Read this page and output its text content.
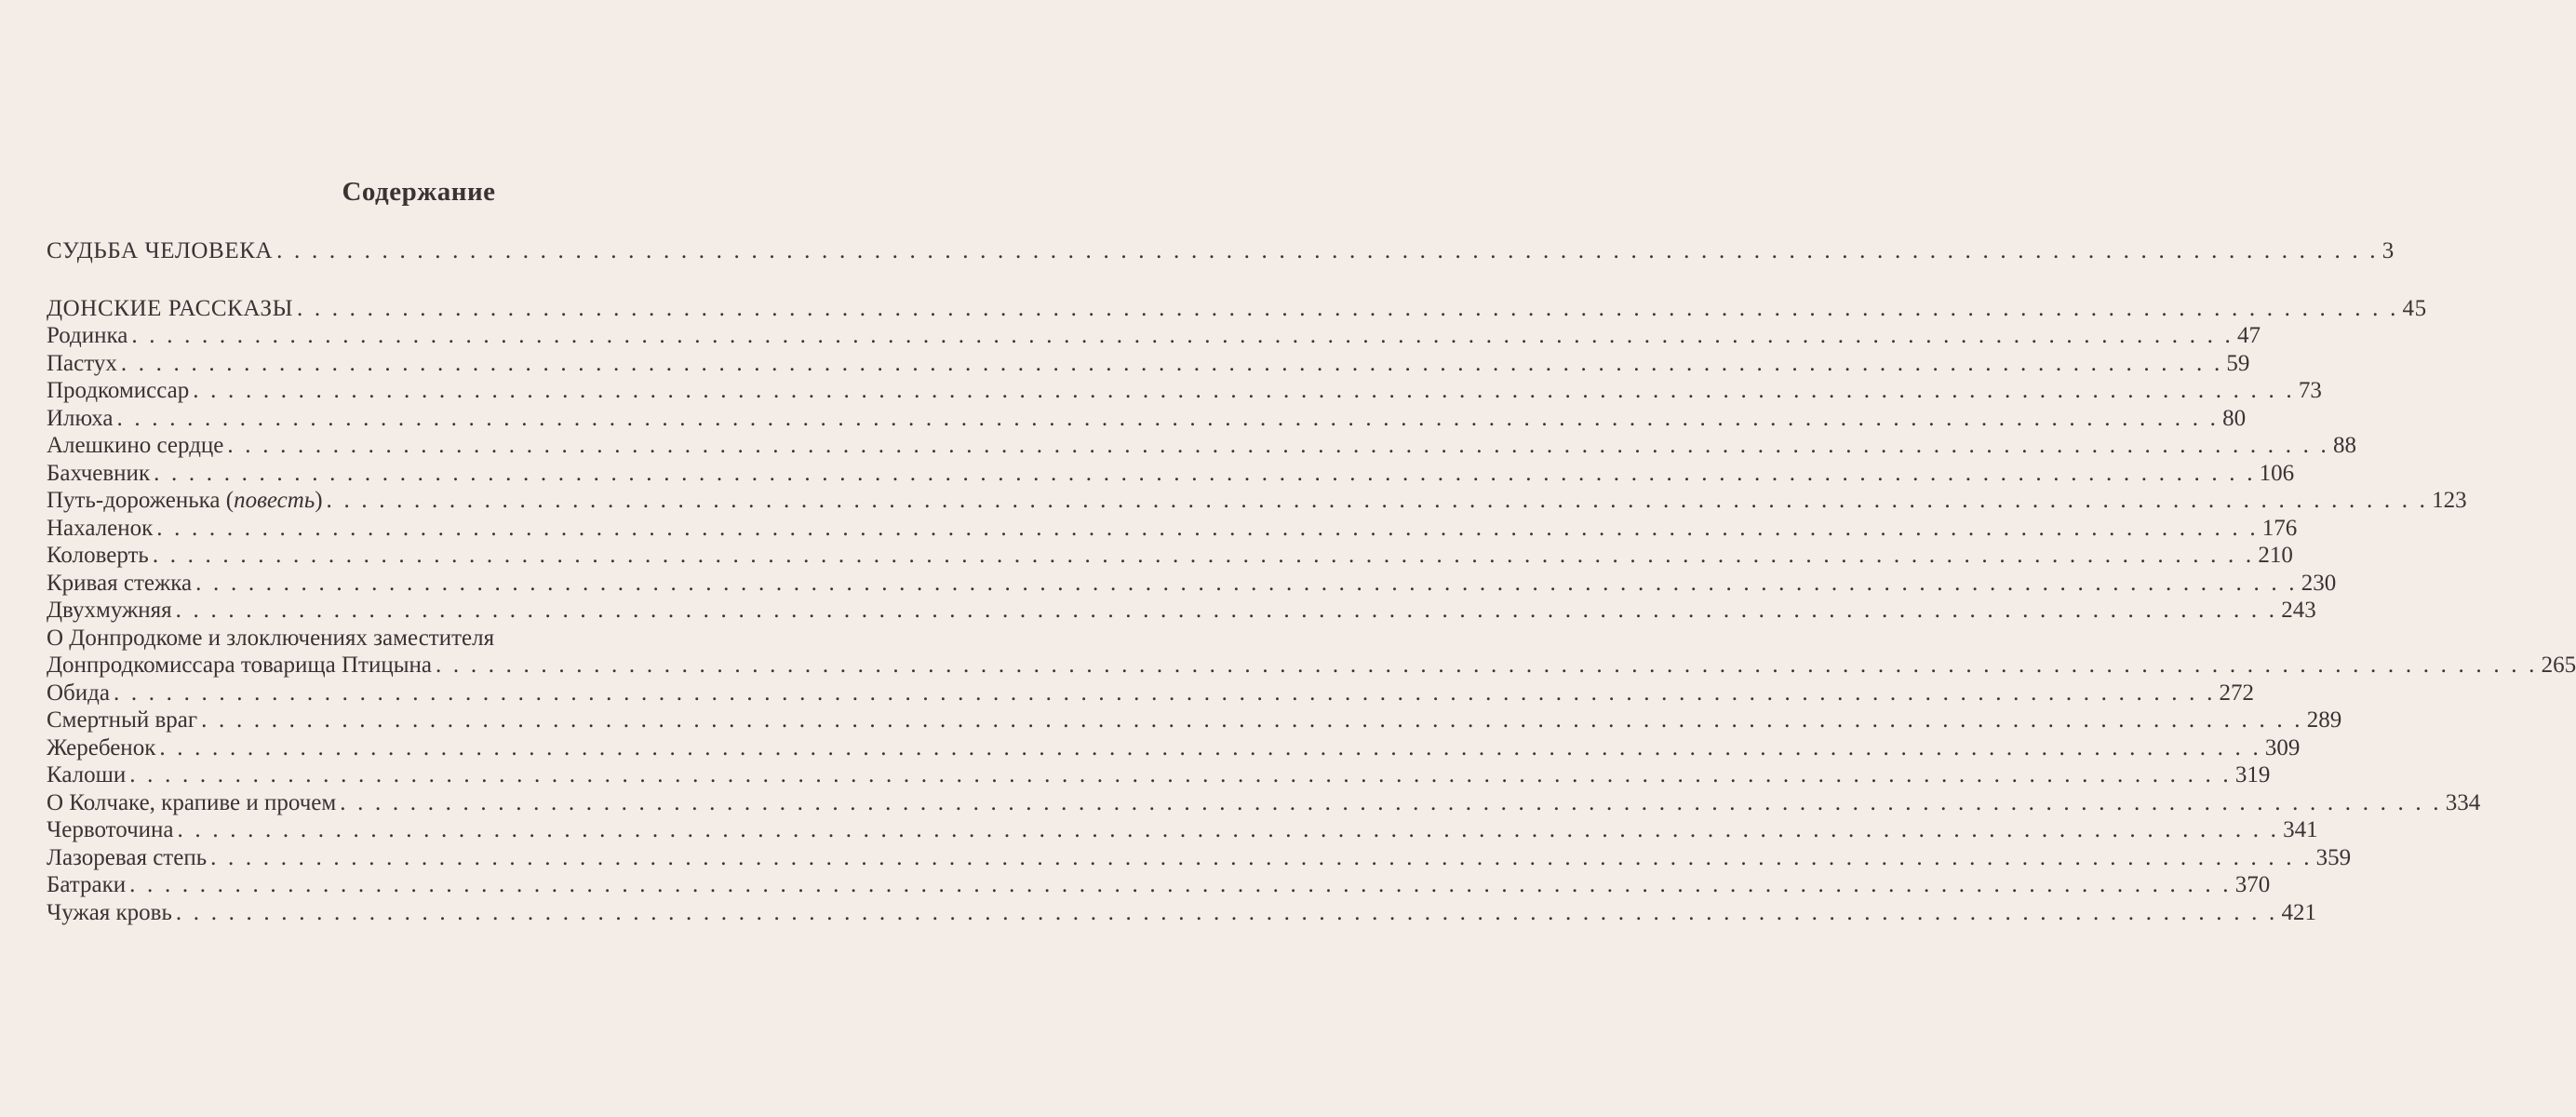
Содержание
СУДЬБА ЧЕЛОВЕКА . . . . . . . . . . . . . . . . . . . . . . . . . . . . . . . . . . . . . . . . . . . . . . . . . . . . . . . . . . . . . . . . . . . . . . . . . . . . . . . . . . . . . . . . . . . . . . . . . . . . . . . . . . . . . . . . . . . . . . . . 3
ДОНСКИЕ РАССКАЗЫ . . . . . . . . . . . . . . . . . . . . . . . . . . . . . . . . . . . . . . . . . . . . . . . . . . . . . . . . . . . . . . . . . . . . . . . . . . . . . . . . . . . . . . . . . . . . . . . . . . . . . . . . . . . . . . . . . . . . . . . . 45
Родинка . . . . . . . . . . . . . . . . . . . . . . . . . . . . . . . . . . . . . . . . . . . . . . . . . . . . . . . . . . . . . . . . . . . . . . . . . . . . . . . . . . . . . . . . . . . . . . . . . . . . . . . . . . . . . . . . . . . . . . . . 47
Пастух . . . . . . . . . . . . . . . . . . . . . . . . . . . . . . . . . . . . . . . . . . . . . . . . . . . . . . . . . . . . . . . . . . . . . . . . . . . . . . . . . . . . . . . . . . . . . . . . . . . . . . . . . . . . . . . . . . . . . . . . 59
Продкомиссар . . . . . . . . . . . . . . . . . . . . . . . . . . . . . . . . . . . . . . . . . . . . . . . . . . . . . . . . . . . . . . . . . . . . . . . . . . . . . . . . . . . . . . . . . . . . . . . . . . . . . . . . . . . . . . . . . . . . . . . . 73
Илюха . . . . . . . . . . . . . . . . . . . . . . . . . . . . . . . . . . . . . . . . . . . . . . . . . . . . . . . . . . . . . . . . . . . . . . . . . . . . . . . . . . . . . . . . . . . . . . . . . . . . . . . . . . . . . . . . . . . . . . . . 80
Алешкино сердце . . . . . . . . . . . . . . . . . . . . . . . . . . . . . . . . . . . . . . . . . . . . . . . . . . . . . . . . . . . . . . . . . . . . . . . . . . . . . . . . . . . . . . . . . . . . . . . . . . . . . . . . . . . . . . . . . . . . . . . . 88
Бахчевник . . . . . . . . . . . . . . . . . . . . . . . . . . . . . . . . . . . . . . . . . . . . . . . . . . . . . . . . . . . . . . . . . . . . . . . . . . . . . . . . . . . . . . . . . . . . . . . . . . . . . . . . . . . . . . . . . . . . . . . . 106
Путь-дороженька (повесть) . . . . . . . . . . . . . . . . . . . . . . . . . . . . . . . . . . . . . . . . . . . . . . . . . . . . . . . . . . . . . . . . . . . . . . . . . . . . . . . . . . . . . . . . . . . . . . . . . . . . . . . . . . . . . . . . . . . . . . . . 123
Нахаленок . . . . . . . . . . . . . . . . . . . . . . . . . . . . . . . . . . . . . . . . . . . . . . . . . . . . . . . . . . . . . . . . . . . . . . . . . . . . . . . . . . . . . . . . . . . . . . . . . . . . . . . . . . . . . . . . . . . . . . . . 176
Коловерть . . . . . . . . . . . . . . . . . . . . . . . . . . . . . . . . . . . . . . . . . . . . . . . . . . . . . . . . . . . . . . . . . . . . . . . . . . . . . . . . . . . . . . . . . . . . . . . . . . . . . . . . . . . . . . . . . . . . . . . . 210
Кривая стежка . . . . . . . . . . . . . . . . . . . . . . . . . . . . . . . . . . . . . . . . . . . . . . . . . . . . . . . . . . . . . . . . . . . . . . . . . . . . . . . . . . . . . . . . . . . . . . . . . . . . . . . . . . . . . . . . . . . . . . . . 230
Двухмужняя . . . . . . . . . . . . . . . . . . . . . . . . . . . . . . . . . . . . . . . . . . . . . . . . . . . . . . . . . . . . . . . . . . . . . . . . . . . . . . . . . . . . . . . . . . . . . . . . . . . . . . . . . . . . . . . . . . . . . . . . 243
О Донпродкоме и злоключениях заместителя
Донпродкомиссара товарища Птицына . . . . . . . . . . . . . . . . . . . . . . . . . . . . . . . . . . . . . . . . . . . . . . . . . . . . . . . . . . . . . . . . . . . . . . . . . . . . . . . . . . . . . . . . . . . . . . . . . . . . . . . . . . . . . . . . . . . . . . . . 265
Обида . . . . . . . . . . . . . . . . . . . . . . . . . . . . . . . . . . . . . . . . . . . . . . . . . . . . . . . . . . . . . . . . . . . . . . . . . . . . . . . . . . . . . . . . . . . . . . . . . . . . . . . . . . . . . . . . . . . . . . . . 272
Смертный враг . . . . . . . . . . . . . . . . . . . . . . . . . . . . . . . . . . . . . . . . . . . . . . . . . . . . . . . . . . . . . . . . . . . . . . . . . . . . . . . . . . . . . . . . . . . . . . . . . . . . . . . . . . . . . . . . . . . . . . . . 289
Жеребенок . . . . . . . . . . . . . . . . . . . . . . . . . . . . . . . . . . . . . . . . . . . . . . . . . . . . . . . . . . . . . . . . . . . . . . . . . . . . . . . . . . . . . . . . . . . . . . . . . . . . . . . . . . . . . . . . . . . . . . . . 309
Калоши . . . . . . . . . . . . . . . . . . . . . . . . . . . . . . . . . . . . . . . . . . . . . . . . . . . . . . . . . . . . . . . . . . . . . . . . . . . . . . . . . . . . . . . . . . . . . . . . . . . . . . . . . . . . . . . . . . . . . . . . 319
О Колчаке, крапиве и прочем . . . . . . . . . . . . . . . . . . . . . . . . . . . . . . . . . . . . . . . . . . . . . . . . . . . . . . . . . . . . . . . . . . . . . . . . . . . . . . . . . . . . . . . . . . . . . . . . . . . . . . . . . . . . . . . . . . . . . . . . 334
Червоточина . . . . . . . . . . . . . . . . . . . . . . . . . . . . . . . . . . . . . . . . . . . . . . . . . . . . . . . . . . . . . . . . . . . . . . . . . . . . . . . . . . . . . . . . . . . . . . . . . . . . . . . . . . . . . . . . . . . . . . . . 341
Лазоревая степь . . . . . . . . . . . . . . . . . . . . . . . . . . . . . . . . . . . . . . . . . . . . . . . . . . . . . . . . . . . . . . . . . . . . . . . . . . . . . . . . . . . . . . . . . . . . . . . . . . . . . . . . . . . . . . . . . . . . . . . . 359
Батраки . . . . . . . . . . . . . . . . . . . . . . . . . . . . . . . . . . . . . . . . . . . . . . . . . . . . . . . . . . . . . . . . . . . . . . . . . . . . . . . . . . . . . . . . . . . . . . . . . . . . . . . . . . . . . . . . . . . . . . . . 370
Чужая кровь . . . . . . . . . . . . . . . . . . . . . . . . . . . . . . . . . . . . . . . . . . . . . . . . . . . . . . . . . . . . . . . . . . . . . . . . . . . . . . . . . . . . . . . . . . . . . . . . . . . . . . . . . . . . . . . . . . . . . . . . 421
